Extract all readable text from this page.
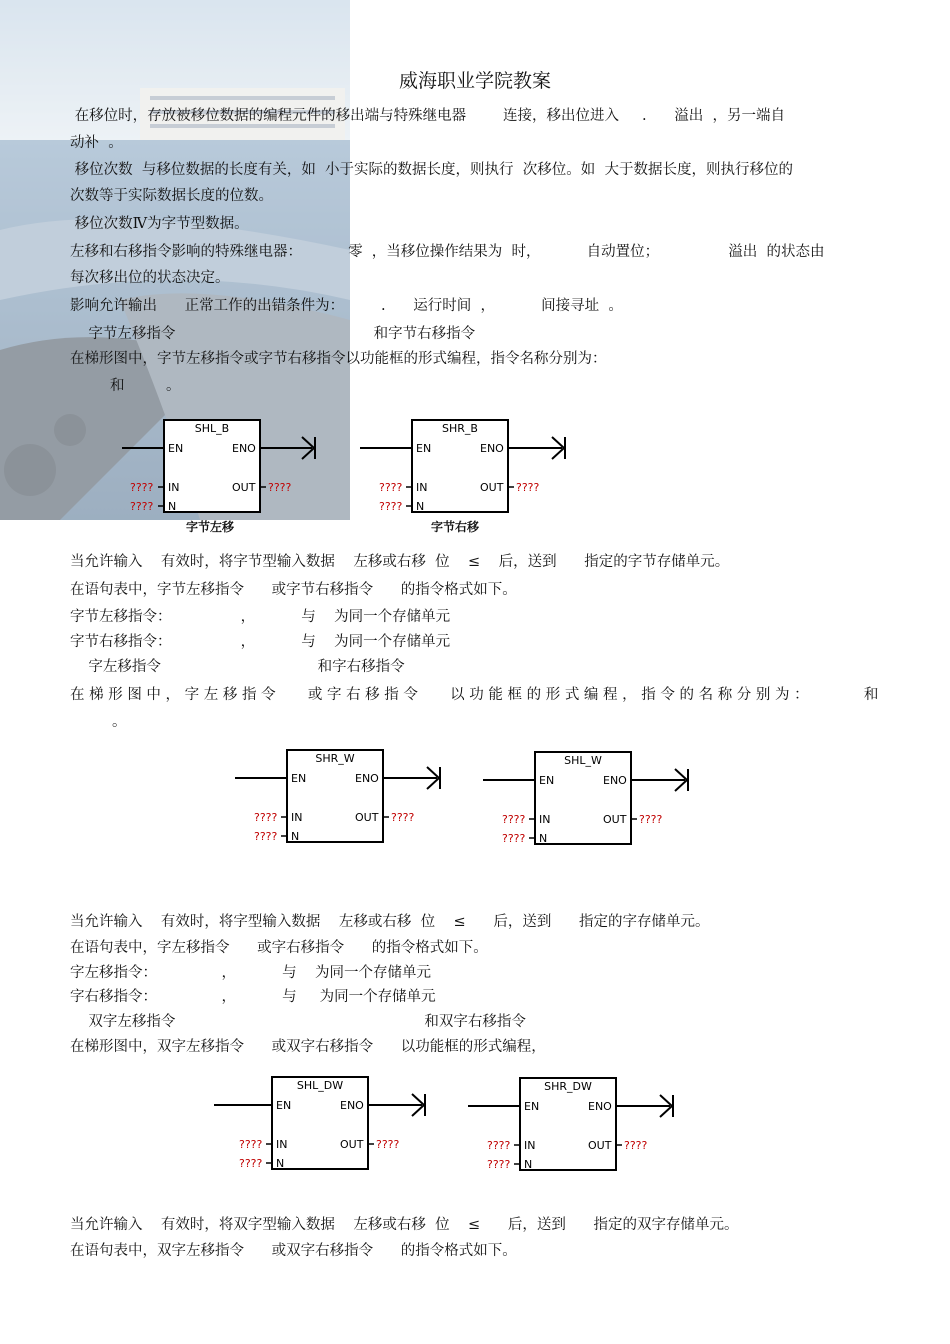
威海职业学院教案
在移位时，存放被移位数据的编程元件的移出端与特殊继电器        连接，移出位进入     .      溢出  ，另一端自
动补  。
移位次数  与移位数据的长度有关，如  小于实际的数据长度，则执行  次移位。如  大于数据长度，则执行移位的
次数等于实际数据长度的位数。
移位次数Ⅳ为字节型数据。
左移和右移指令影响的特殊继电器：          零  ，当移位操作结果为  时，          自动置位；               溢出  的状态由
每次移出位的状态决定。
影响允许输出      正常工作的出错条件为：        .      运行时间  ，          间接寻址  。
字节左移指令                                           和字节右移指令
在梯形图中，字节左移指令或字节右移指令以功能框的形式编程，指令名称分别为：
和         。
SHL_B
EN	ENO
????
????
IN
N
OUT ????
字节左移
SHR_B
EN	ENO
????
????
IN
N
OUT ????
字节右移
当允许输入    有效时，将字节型输入数据    左移或右移  位    ≤    后，送到      指定的字节存储单元。
在语句表中，字节左移指令      或字节右移指令      的指令格式如下。
字节左移指令：               ，          与    为同一个存储单元
字节右移指令：               ，          与    为同一个存储单元
字左移指令                                  和字右移指令
在 梯 形 图 中 ， 字 左 移 指 令       或 字 右 移 指 令       以 功 能 框 的 形 式 编 程 ， 指 令 的 名 称 分 别 为 ：            和
。
SHR_W
EN	ENO
????
????
IN
N
OUT ????
SHL_W
EN	ENO
????
????
IN
N
OUT ????
当允许输入    有效时，将字型输入数据    左移或右移  位    ≤      后，送到      指定的字存储单元。
在语句表中，字左移指令      或字右移指令      的指令格式如下。
字左移指令：              ，          与    为同一个存储单元
字右移指令：              ，          与     为同一个存储单元
双字左移指令                                                      和双字右移指令
在梯形图中，双字左移指令      或双字右移指令      以功能框的形式编程，
SHL_DW
EN	ENO
????
????
IN
N
OUT ????
SHR_DW
EN	ENO
????
????
IN
N
OUT ????
当允许输入    有效时，将双字型输入数据    左移或右移  位    ≤      后，送到      指定的双字存储单元。
在语句表中，双字左移指令      或双字右移指令      的指令格式如下。
